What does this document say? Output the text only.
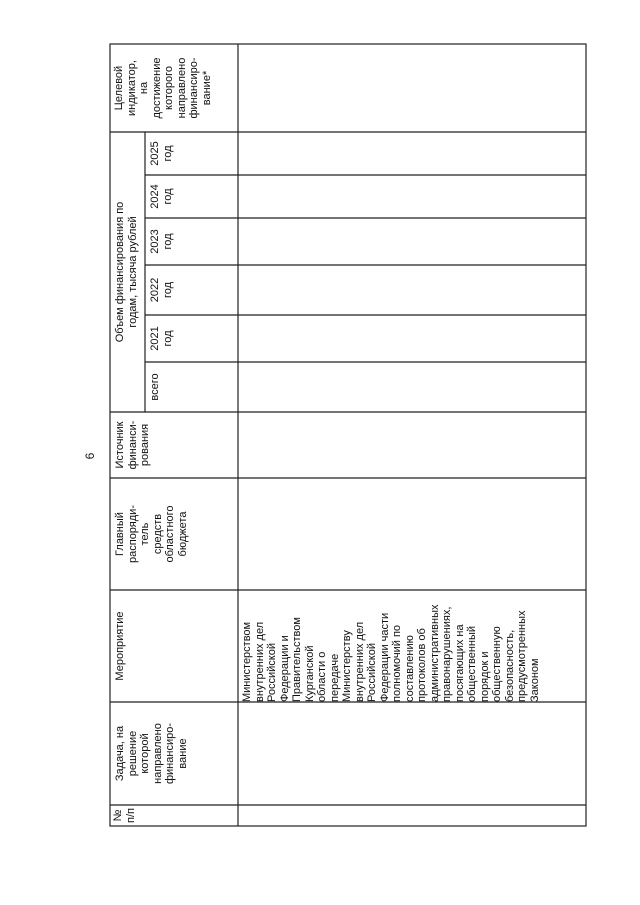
6
№
п/п
Задача, на
решение
которой
направлено
финансиро-
вание
Мероприятие
Главный
распоряди-
тель
средств
областного
бюджета
Источник
финанси-
рования
Объем финансирования по
годам, тысяча рублей
всего
2021
год
2022
год
2023
год
2024
год
2025
год
Целевой
индикатор,
на
достижение
которого
направлено
финансиро-
вание*
Министерством
внутренних дел
Российской
Федерации и
Правительством
Курганской
области о
передаче
Министерству
внутренних дел
Российской
Федерации части
полномочий по
составлению
протоколов об
административных
правонарушениях,
посягающих на
общественный
порядок и
общественную
безопасность,
предусмотренных
Законом
